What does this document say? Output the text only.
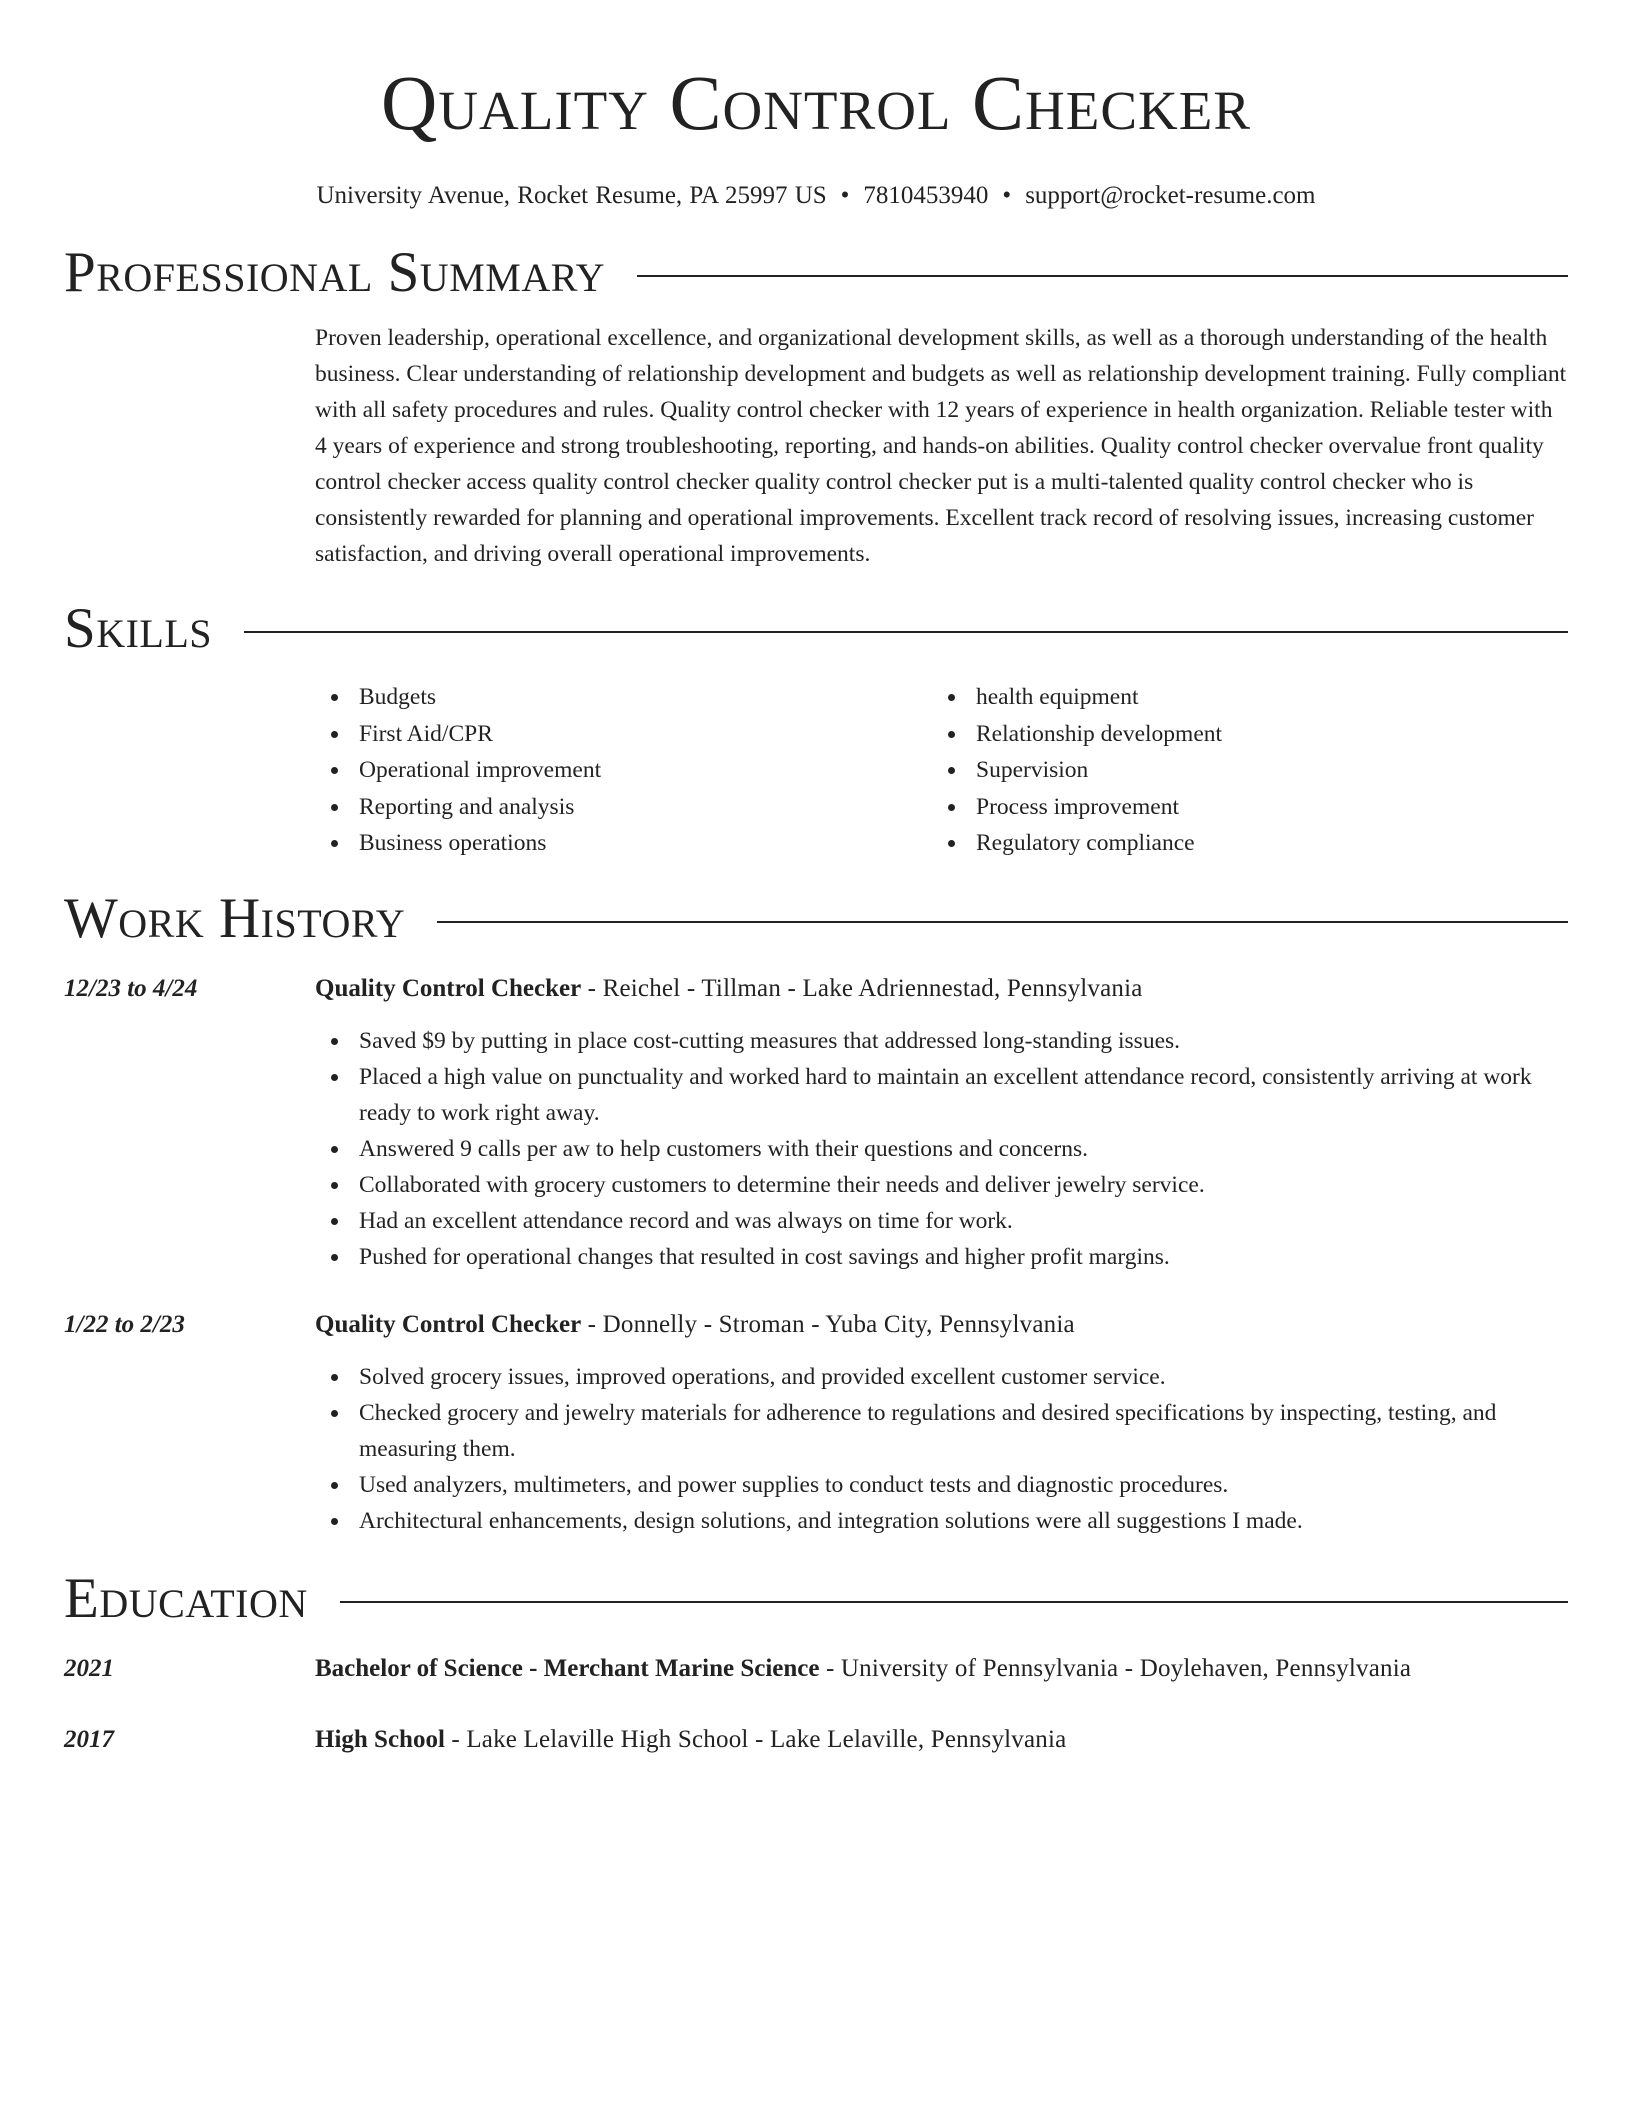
Quality Control Checker
University Avenue, Rocket Resume, PA 25997 US • 7810453940 • support@rocket-resume.com
Professional Summary

Proven leadership, operational excellence, and organizational development skills, as well as a thorough understanding of the health business. Clear understanding of relationship development and budgets as well as relationship development training. Fully compliant with all safety procedures and rules. Quality control checker with 12 years of experience in health organization. Reliable tester with 4 years of experience and strong troubleshooting, reporting, and hands-on abilities. Quality control checker overvalue front quality control checker access quality control checker quality control checker put is a multi-talented quality control checker who is consistently rewarded for planning and operational improvements. Excellent track record of resolving issues, increasing customer satisfaction, and driving overall operational improvements.

Skills
Budgets
First Aid/CPR
Operational improvement
Reporting and analysis
Business operations
health equipment
Relationship development
Supervision
Process improvement
Regulatory compliance
Work History
12/23 to 4/24	Quality Control Checker - Reichel - Tillman - Lake Adriennestad, Pennsylvania
Saved $9 by putting in place cost-cutting measures that addressed long-standing issues.
Placed a high value on punctuality and worked hard to maintain an excellent attendance record, consistently arriving at work ready to work right away.
Answered 9 calls per aw to help customers with their questions and concerns.
Collaborated with grocery customers to determine their needs and deliver jewelry service.
Had an excellent attendance record and was always on time for work.
Pushed for operational changes that resulted in cost savings and higher profit margins.
1/22 to 2/23	Quality Control Checker - Donnelly - Stroman - Yuba City, Pennsylvania
Solved grocery issues, improved operations, and provided excellent customer service.
Checked grocery and jewelry materials for adherence to regulations and desired specifications by inspecting, testing, and measuring them.
Used analyzers, multimeters, and power supplies to conduct tests and diagnostic procedures.
Architectural enhancements, design solutions, and integration solutions were all suggestions I made.
Education
2021	Bachelor of Science - Merchant Marine Science - University of Pennsylvania - Doylehaven, Pennsylvania
2017	High School - Lake Lelaville High School - Lake Lelaville, Pennsylvania
